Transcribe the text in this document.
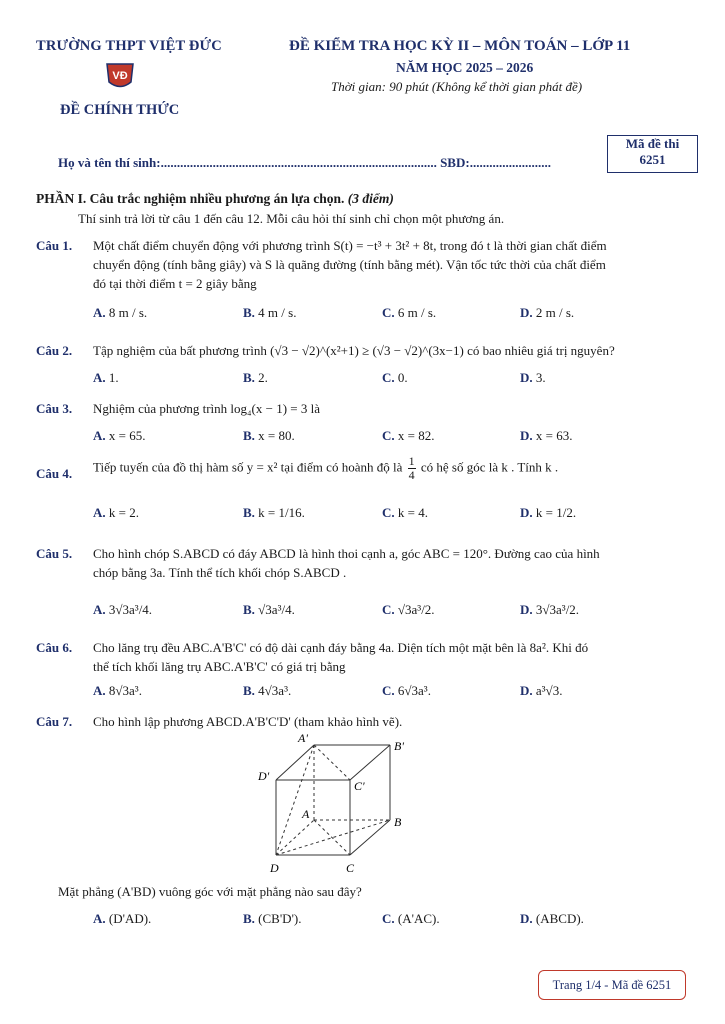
TRƯỜNG THPT VIỆT ĐỨC
VĐ
ĐỀ CHÍNH THỨC
ĐỀ KIỂM TRA HỌC KỲ II – MÔN TOÁN – LỚP 11
NĂM HỌC 2025 – 2026
Thời gian: 90 phút (Không kể thời gian phát đề)
Mã đề thi
6251
Họ và tên thí sinh:..................................................................................... SBD:.........................
PHẦN I. Câu trắc nghiệm nhiều phương án lựa chọn. (3 điểm)
Thí sinh trả lời từ câu 1 đến câu 12. Mỗi câu hỏi thí sinh chỉ chọn một phương án.
Câu 1. Một chất điểm chuyển động với phương trình S(t) = −t³ + 3t² + 8t, trong đó t là thời gian chất điểm
chuyển động (tính bằng giây) và S là quãng đường (tính bằng mét). Vận tốc tức thời của chất điểm
đó tại thời điểm t = 2 giây bằng
A. 8 m / s.	B. 4 m / s.	C. 6 m / s.	D. 2 m / s.
Câu 2. Tập nghiệm của bất phương trình (√3 − √2)^(x²+1) ≥ (√3 − √2)^(3x−1) có bao nhiêu giá trị nguyên?
A. 1.	B. 2.	C. 0.	D. 3.
Câu 3. Nghiệm của phương trình log₄(x − 1) = 3 là
A. x = 65.	B. x = 80.	C. x = 82.	D. x = 63.
Câu 4. Tiếp tuyến của đồ thị hàm số y = x² tại điểm có hoành độ là $\frac{1}{4}$ có hệ số góc là k . Tính k .
A. k = 2.	B. k = 1/16.	C. k = 4.	D. k = 1/2.
Câu 5. Cho hình chóp S.ABCD có đáy ABCD là hình thoi cạnh a, góc ABC = 120°. Đường cao của hình
chóp bằng 3a. Tính thể tích khối chóp S.ABCD .
A. 3√3a³/4.	B. √3a³/4.	C. √3a³/2.	D. 3√3a³/2.
Câu 6. Cho lăng trụ đều ABC.A'B'C' có độ dài cạnh đáy bằng 4a. Diện tích một mặt bên là 8a². Khi đó
thể tích khối lăng trụ ABC.A'B'C' có giá trị bằng
A. 8√3a³.	B. 4√3a³.	C. 6√3a³.	D. a³√3.
Câu 7. Cho hình lập phương ABCD.A'B'C'D' (tham khảo hình vẽ).
A'
B'
C'
D'
A
B
C
D
Mặt phẳng (A'BD) vuông góc với mặt phẳng nào sau đây?
A. (D'AD).	B. (CB'D').	C. (A'AC).	D. (ABCD).
Trang 1/4 - Mã đề 6251
